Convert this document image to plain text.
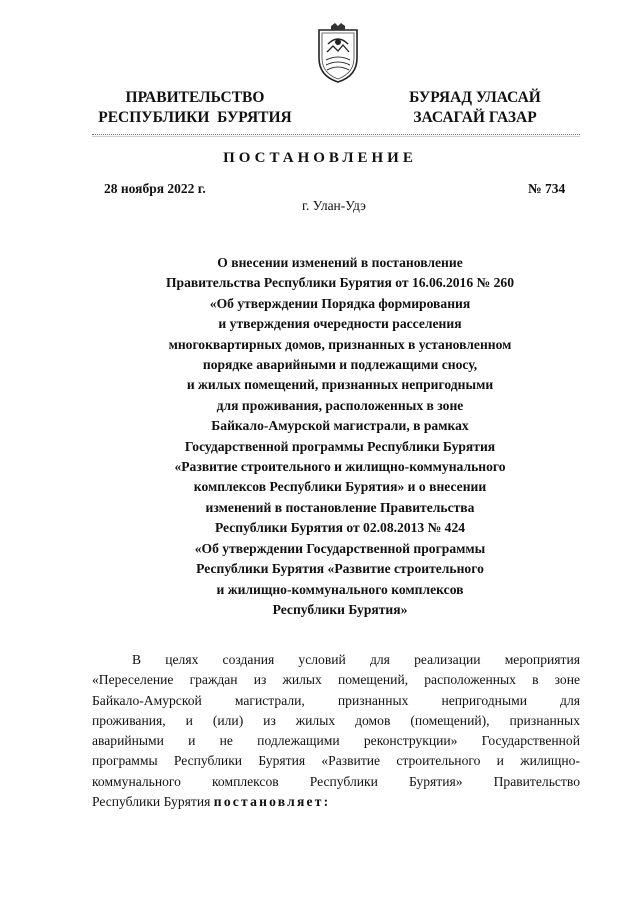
ПРАВИТЕЛЬСТВО
РЕСПУБЛИКИ  БУРЯТИЯ
БУРЯАД УЛАСАЙ
ЗАСАГАЙ ГАЗАР
ПОСТАНОВЛЕНИЕ
28 ноября 2022 г.	№ 734
г. Улан-Удэ
О внесении изменений в постановление
Правительства Республики Бурятия от 16.06.2016 № 260
«Об утверждении Порядка формирования
и утверждения очередности расселения
многоквартирных домов, признанных в установленном
порядке аварийными и подлежащими сносу,
и жилых помещений, признанных непригодными
для проживания, расположенных в зоне
Байкало-Амурской магистрали, в рамках
Государственной программы Республики Бурятия
«Развитие строительного и жилищно-коммунального
комплексов Республики Бурятия» и о внесении
изменений в постановление Правительства
Республики Бурятия от 02.08.2013 № 424
«Об утверждении Государственной программы
Республики Бурятия «Развитие строительного
и жилищно-коммунального комплексов
Республики Бурятия»
В целях создания условий для реализации мероприятия
«Переселение граждан из жилых помещений, расположенных в зоне
Байкало-Амурской магистрали, признанных непригодными для
проживания, и (или) из жилых домов (помещений), признанных
аварийными и не подлежащими реконструкции» Государственной
программы Республики Бурятия «Развитие строительного и жилищно-
коммунального комплексов Республики Бурятия» Правительство
Республики Бурятия постановляет:
